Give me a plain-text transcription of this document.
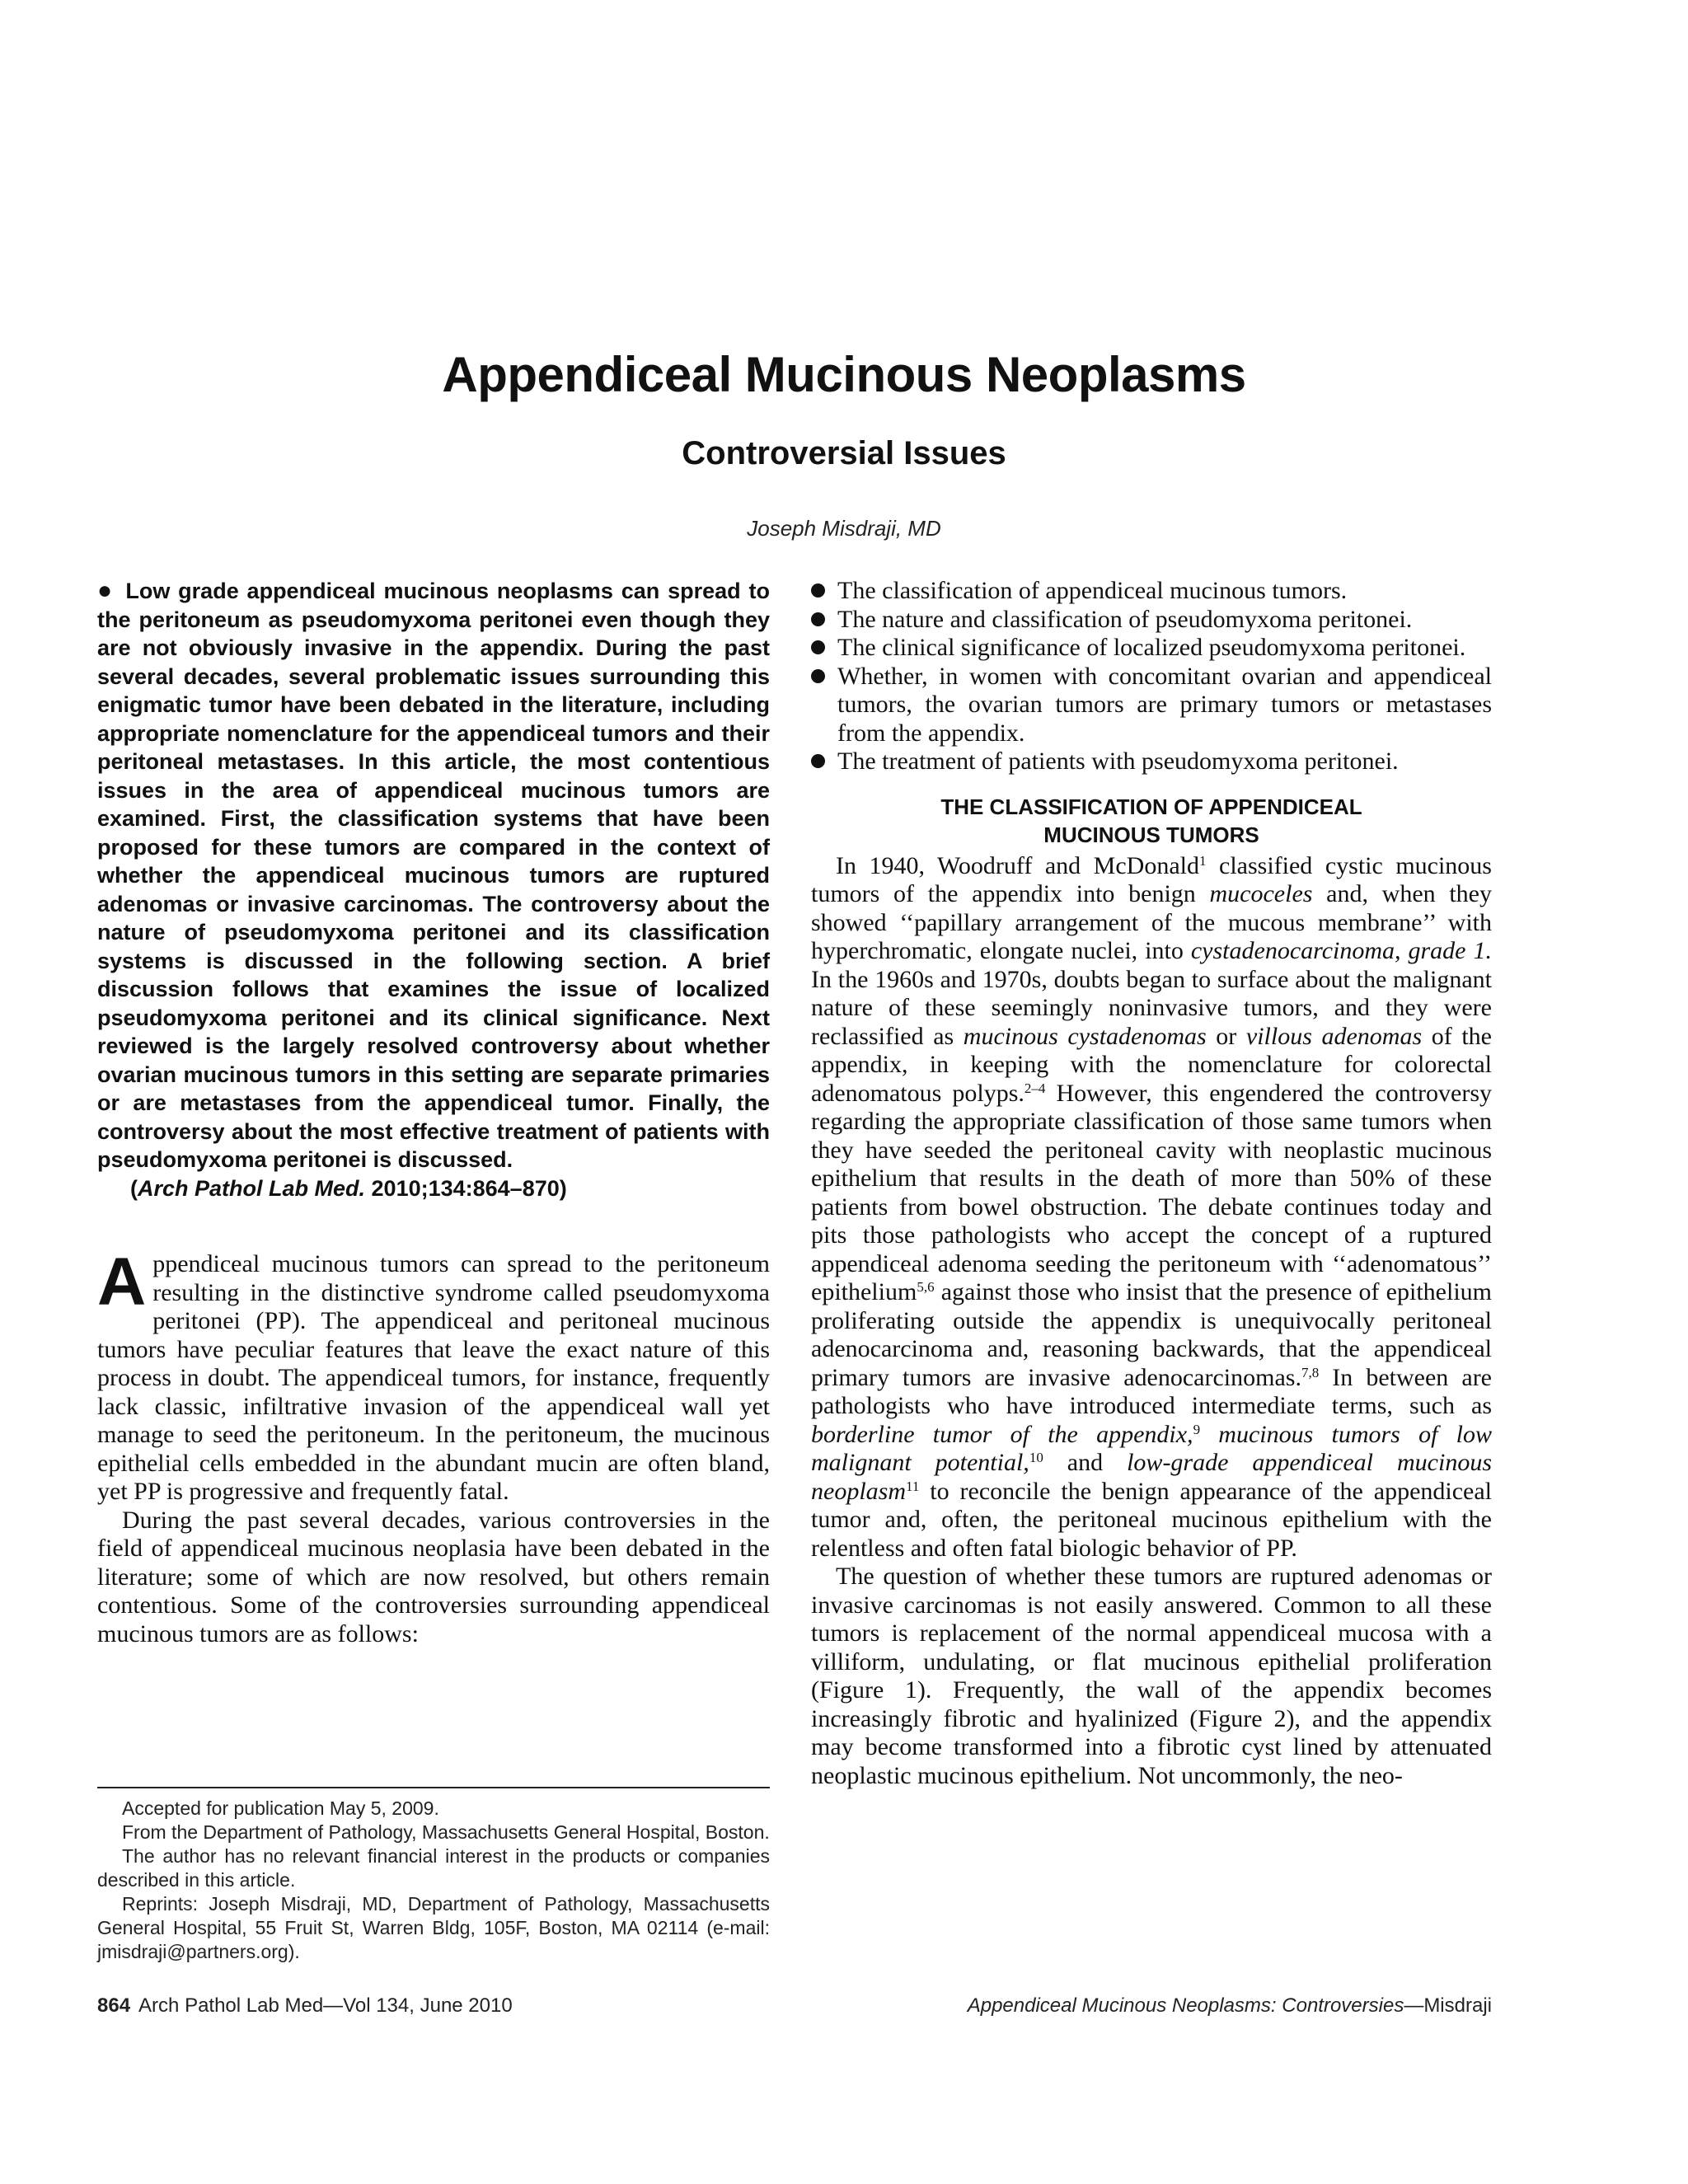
Appendiceal Mucinous Neoplasms
Controversial Issues
Joseph Misdraji, MD

● Low grade appendiceal mucinous neoplasms can spread to the peritoneum as pseudomyxoma peritonei even though they are not obviously invasive in the appendix. During the past several decades, several problematic issues surrounding this enigmatic tumor have been debated in the literature, including appropriate nomenclature for the appendiceal tumors and their peritoneal metastases. In this article, the most contentious issues in the area of appendiceal mucinous tumors are examined. First, the classification systems that have been proposed for these tumors are compared in the context of whether the appendiceal mucinous tumors are ruptured adenomas or invasive carcinomas. The controversy about the nature of pseudomyxoma peritonei and its classification systems is discussed in the following section. A brief discussion follows that examines the issue of localized pseudomyxoma peritonei and its clinical significance. Next reviewed is the largely resolved controversy about whether ovarian mucinous tumors in this setting are separate primaries or are metastases from the appendiceal tumor. Finally, the controversy about the most effective treatment of patients with pseudomyxoma peritonei is discussed.

(Arch Pathol Lab Med. 2010;134:864–870)

Appendiceal mucinous tumors can spread to the peritoneum resulting in the distinctive syndrome called pseudomyxoma peritonei (PP). The appendiceal and peritoneal mucinous tumors have peculiar features that leave the exact nature of this process in doubt. The appendiceal tumors, for instance, frequently lack classic, infiltrative invasion of the appendiceal wall yet manage to seed the peritoneum. In the peritoneum, the mucinous epithelial cells embedded in the abundant mucin are often bland, yet PP is progressive and frequently fatal.

During the past several decades, various controversies in the field of appendiceal mucinous neoplasia have been debated in the literature; some of which are now resolved, but others remain contentious. Some of the controversies surrounding appendiceal mucinous tumors are as follows:

Accepted for publication May 5, 2009.

From the Department of Pathology, Massachusetts General Hospital, Boston.

The author has no relevant financial interest in the products or companies described in this article.

Reprints: Joseph Misdraji, MD, Department of Pathology, Massachusetts General Hospital, 55 Fruit St, Warren Bldg, 105F, Boston, MA 02114 (e-mail: jmisdraji@partners.org).

The classification of appendiceal mucinous tumors.
The nature and classification of pseudomyxoma peritonei.
The clinical significance of localized pseudomyxoma peritonei.
Whether, in women with concomitant ovarian and appendiceal tumors, the ovarian tumors are primary tumors or metastases from the appendix.
The treatment of patients with pseudomyxoma peritonei.
THE CLASSIFICATION OF APPENDICEAL
MUCINOUS TUMORS

In 1940, Woodruff and McDonald$^1$ classified cystic mucinous tumors of the appendix into benign mucoceles and, when they showed ‘‘papillary arrangement of the mucous membrane’’ with hyperchromatic, elongate nuclei, into cystadenocarcinoma, grade 1. In the 1960s and 1970s, doubts began to surface about the malignant nature of these seemingly noninvasive tumors, and they were reclassified as mucinous cystadenomas or villous adenomas of the appendix, in keeping with the nomenclature for colorectal adenomatous polyps.$^{2-4}$ However, this engendered the controversy regarding the appropriate classification of those same tumors when they have seeded the peritoneal cavity with neoplastic mucinous epithelium that results in the death of more than 50% of these patients from bowel obstruction. The debate continues today and pits those pathologists who accept the concept of a ruptured appendiceal adenoma seeding the peritoneum with ‘‘adenomatous’’ epithelium$^{5,6}$ against those who insist that the presence of epithelium proliferating outside the appendix is unequivocally peritoneal adenocarcinoma and, reasoning backwards, that the appendiceal primary tumors are invasive adenocarcinomas.$^{7,8}$ In between are pathologists who have introduced intermediate terms, such as borderline tumor of the appendix,$^9$ mucinous tumors of low malignant potential,$^{10}$ and low-grade appendiceal mucinous neoplasm$^{11}$ to reconcile the benign appearance of the appendiceal tumor and, often, the peritoneal mucinous epithelium with the relentless and often fatal biologic behavior of PP.

The question of whether these tumors are ruptured adenomas or invasive carcinomas is not easily answered. Common to all these tumors is replacement of the normal appendiceal mucosa with a villiform, undulating, or flat mucinous epithelial proliferation (Figure 1). Frequently, the wall of the appendix becomes increasingly fibrotic and hyalinized (Figure 2), and the appendix may become transformed into a fibrotic cyst lined by attenuated neoplastic mucinous epithelium. Not uncommonly, the neo-

864 Arch Pathol Lab Med—Vol 134, June 2010	Appendiceal Mucinous Neoplasms: Controversies—Misdraji
